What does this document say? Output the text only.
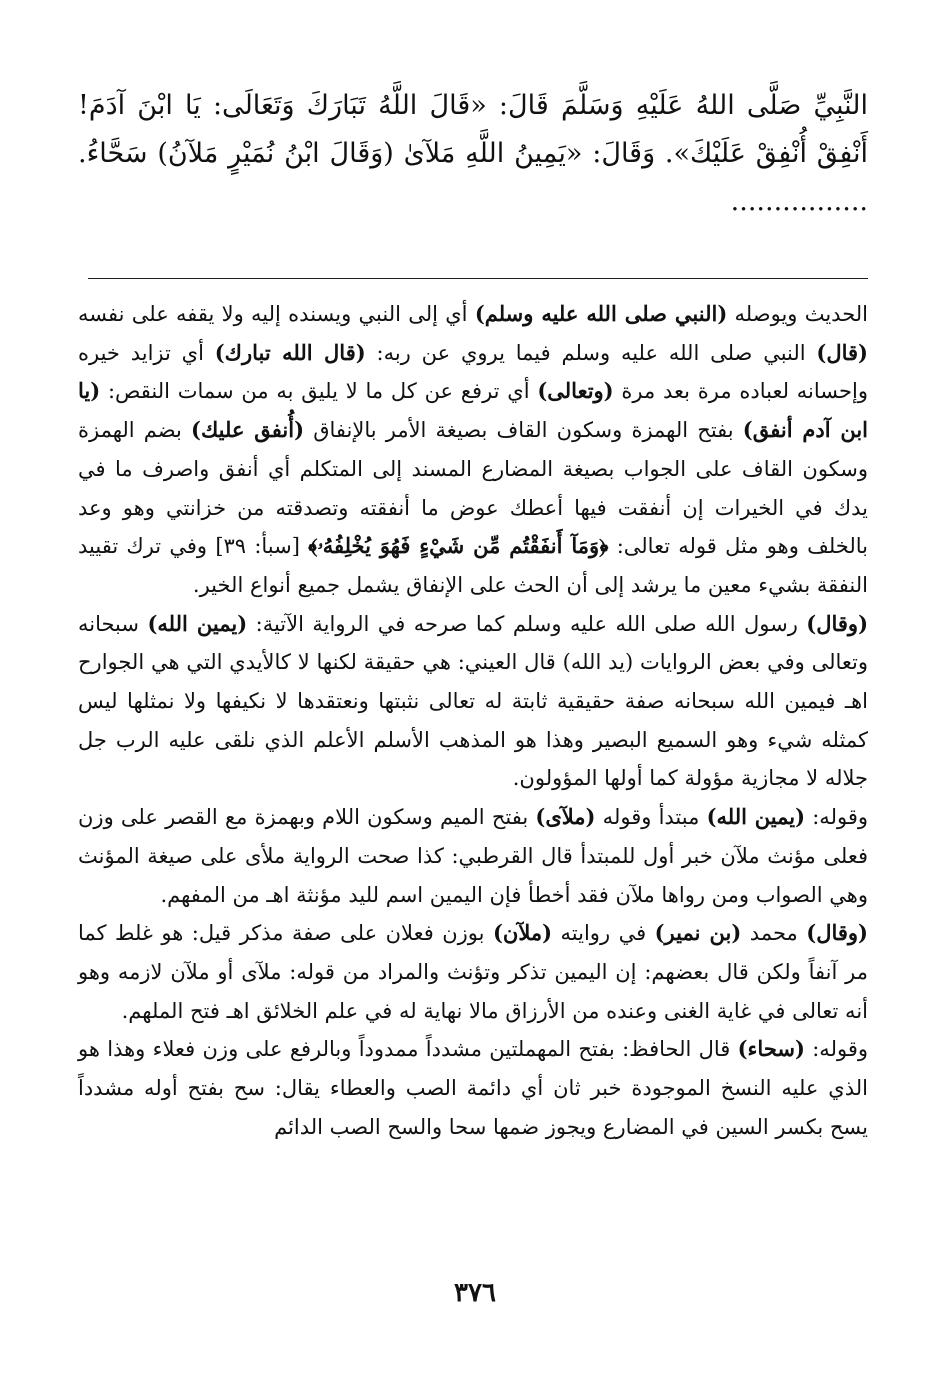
النَّبِيِّ صَلَّى اللهُ عَلَيْهِ وَسَلَّمَ قَالَ: «قَالَ اللَّهُ تَبَارَكَ وَتَعَالَى: يَا ابْنَ آدَمَ! أَنْفِقْ أُنْفِقْ عَلَيْكَ». وَقَالَ: «يَمِينُ اللَّهِ مَلآىٰ (وَقَالَ ابْنُ نُمَيْرٍ مَلآنُ) سَحَّاءُ. ................

الحديث ويوصله (النبي صلى الله عليه وسلم) أي إلى النبي ويسنده إليه ولا يقفه على نفسه (قال) النبي صلى الله عليه وسلم فيما يروي عن ربه: (قال الله تبارك) أي تزايد خيره وإحسانه لعباده مرة بعد مرة (وتعالى) أي ترفع عن كل ما لا يليق به من سمات النقص: (يا ابن آدم أنفق) بفتح الهمزة وسكون القاف بصيغة الأمر بالإنفاق (أُنفق عليك) بضم الهمزة وسكون القاف على الجواب بصيغة المضارع المسند إلى المتكلم أي أنفق واصرف ما في يدك في الخيرات إن أنفقت فيها أعطك عوض ما أنفقته وتصدقته من خزانتي وهو وعد بالخلف وهو مثل قوله تعالى: ﴿وَمَآ أَنفَقْتُم مِّن شَيْءٍ فَهُوَ يُخْلِفُهُۥ﴾ [سبأ: ٣٩] وفي ترك تقييد النفقة بشيء معين ما يرشد إلى أن الحث على الإنفاق يشمل جميع أنواع الخير.

(وقال) رسول الله صلى الله عليه وسلم كما صرحه في الرواية الآتية: (يمين الله) سبحانه وتعالى وفي بعض الروايات (يد الله) قال العيني: هي حقيقة لكنها لا كالأيدي التي هي الجوارح اهـ فيمين الله سبحانه صفة حقيقية ثابتة له تعالى نثبتها ونعتقدها لا نكيفها ولا نمثلها ليس كمثله شيء وهو السميع البصير وهذا هو المذهب الأسلم الأعلم الذي نلقى عليه الرب جل جلاله لا مجازية مؤولة كما أولها المؤولون.

وقوله: (يمين الله) مبتدأ وقوله (ملآى) بفتح الميم وسكون اللام وبهمزة مع القصر على وزن فعلى مؤنث ملآن خبر أول للمبتدأ قال القرطبي: كذا صحت الرواية ملأى على صيغة المؤنث وهي الصواب ومن رواها ملآن فقد أخطأ فإن اليمين اسم لليد مؤنثة اهـ من المفهم.

(وقال) محمد (بن نمير) في روايته (ملآن) بوزن فعلان على صفة مذكر قيل: هو غلط كما مر آنفاً ولكن قال بعضهم: إن اليمين تذكر وتؤنث والمراد من قوله: ملآى أو ملآن لازمه وهو أنه تعالى في غاية الغنى وعنده من الأرزاق مالا نهاية له في علم الخلائق اهـ فتح الملهم.

وقوله: (سحاء) قال الحافظ: بفتح المهملتين مشدداً ممدوداً وبالرفع على وزن فعلاء وهذا هو الذي عليه النسخ الموجودة خبر ثان أي دائمة الصب والعطاء يقال: سح بفتح أوله مشدداً يسح بكسر السين في المضارع ويجوز ضمها سحا والسح الصب الدائم

٣٧٦
